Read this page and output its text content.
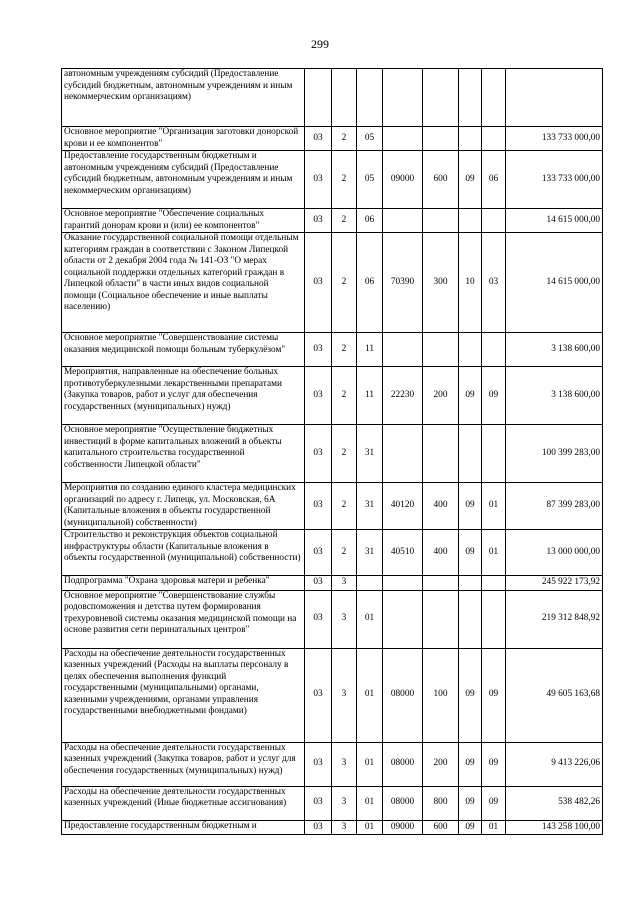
299
автономным учреждениям субсидий (Предоставление субсидий бюджетным, автономным учреждениям и иным некоммерческим организациям)								
Основное мероприятие "Организация заготовки донорской крови и ее компонентов"	03	2	05					133 733 000,00
Предоставление государственным бюджетным и автономным учреждениям субсидий (Предоставление субсидий бюджетным, автономным учреждениям и иным некоммерческим организациям)	03	2	05	09000	600	09	06	133 733 000,00
Основное мероприятие "Обеспечение социальных гарантий донорам крови и (или) ее компонентов"	03	2	06					14 615 000,00
Оказание государственной социальной помощи отдельным категориям граждан в соответствии с Законом Липецкой области от 2 декабря 2004 года № 141-ОЗ "О мерах социальной поддержки отдельных категорий граждан в Липецкой области" в части иных видов социальной помощи (Социальное обеспечение и иные выплаты населению)	03	2	06	70390	300	10	03	14 615 000,00
Основное мероприятие "Совершенствование системы оказания медицинской помощи больным туберкулёзом"	03	2	11					3 138 600,00
Мероприятия, направленные на обеспечение больных противотуберкулезными лекарственными препаратами (Закупка товаров, работ и услуг для обеспечения государственных (муниципальных) нужд)	03	2	11	22230	200	09	09	3 138 600,00
Основное мероприятие "Осуществление бюджетных инвестиций в форме капитальных вложений в объекты капитального строительства государственной собственности Липецкой области"	03	2	31					100 399 283,00
Мероприятия по созданию единого кластера медицинских организаций по адресу г. Липецк, ул. Московская, 6А (Капитальные вложения в объекты государственной (муниципальной) собственности)	03	2	31	40120	400	09	01	87 399 283,00
Строительство и реконструкция объектов социальной инфраструктуры области (Капитальные вложения в объекты государственной (муниципальной) собственности)	03	2	31	40510	400	09	01	13 000 000,00
Подпрограмма "Охрана здоровья матери и ребенка"	03	3						245 922 173,92
Основное мероприятие "Совершенствование службы родовспоможения и детства путем формирования трехуровневой системы оказания медицинской помощи на основе развития сети перинатальных центров"	03	3	01					219 312 848,92
Расходы на обеспечение деятельности государственных казенных учреждений (Расходы на выплаты персоналу в целях обеспечения выполнения функций государственными (муниципальными) органами, казенными учреждениями, органами управления государственными внебюджетными фондами)	03	3	01	08000	100	09	09	49 605 163,68
Расходы на обеспечение деятельности государственных казенных учреждений (Закупка товаров, работ и услуг для обеспечения государственных (муниципальных) нужд)	03	3	01	08000	200	09	09	9 413 226,06
Расходы на обеспечение деятельности государственных казенных учреждений (Иные бюджетные ассигнования)	03	3	01	08000	800	09	09	538 482,26
Предоставление государственным бюджетным и	03	3	01	09000	600	09	01	143 258 100,00
